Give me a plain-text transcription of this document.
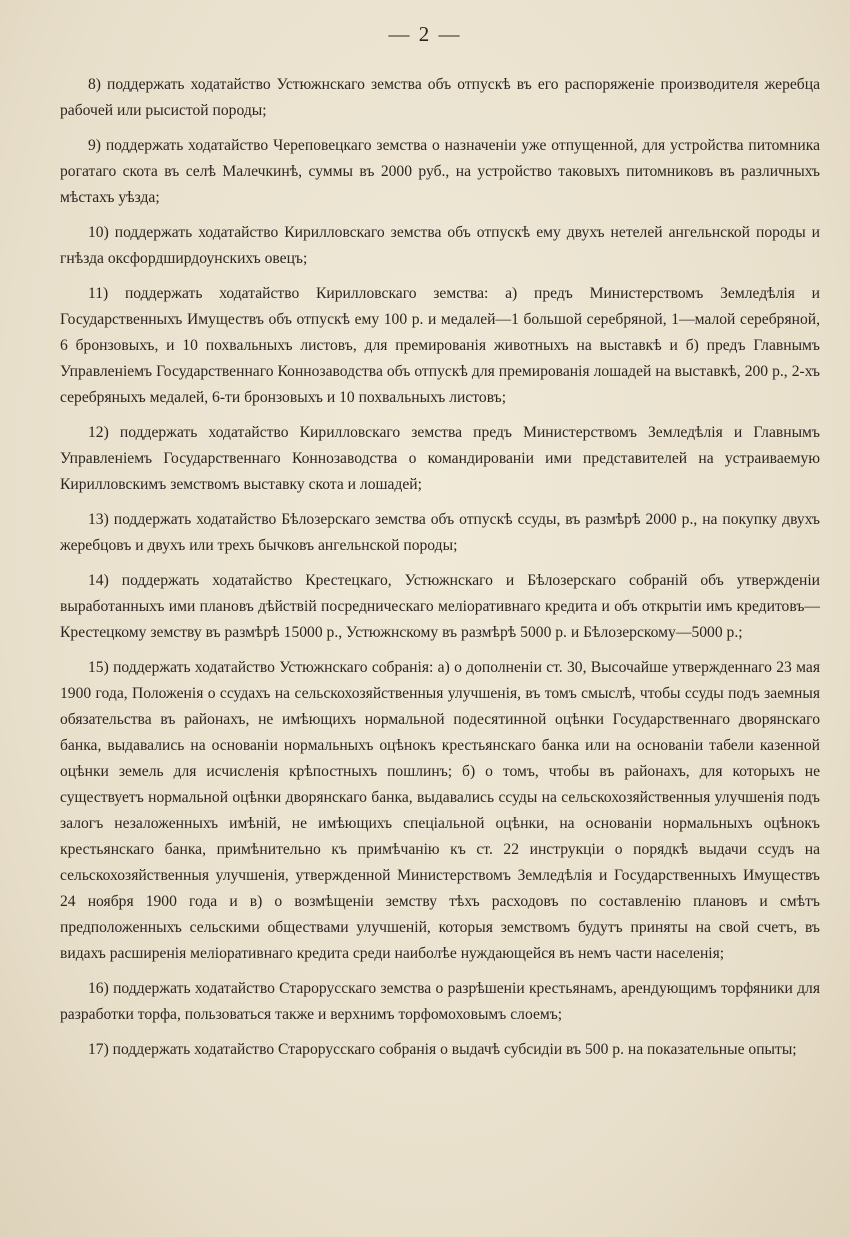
— 2 —

8) поддержать ходатайство Устюжнскаго земства объ отпускѣ въ его распоряженіе производителя жеребца рабочей или рысистой породы;

9) поддержать ходатайство Череповецкаго земства о назначеніи уже отпущенной, для устройства питомника рогатаго скота въ селѣ Малечкинѣ, суммы въ 2000 руб., на устройство таковыхъ питомниковъ въ различныхъ мѣстахъ уѣзда;

10) поддержать ходатайство Кирилловскаго земства объ отпускѣ ему двухъ нетелей ангельнской породы и гнѣзда оксфордширдоунскихъ овецъ;

11) поддержать ходатайство Кирилловскаго земства: а) предъ Министерствомъ Земледѣлія и Государственныхъ Имуществъ объ отпускѣ ему 100 р. и медалей—1 большой серебряной, 1—малой серебряной, 6 бронзовыхъ, и 10 похвальныхъ листовъ, для премированія животныхъ на выставкѣ и б) предъ Главнымъ Управленіемъ Государственнаго Коннозаводства объ отпускѣ для премированія лошадей на выставкѣ, 200 р., 2-хъ серебряныхъ медалей, 6-ти бронзовыхъ и 10 похвальныхъ листовъ;

12) поддержать ходатайство Кирилловскаго земства предъ Министерствомъ Земледѣлія и Главнымъ Управленіемъ Государственнаго Коннозаводства о командированіи ими представителей на устраиваемую Кирилловскимъ земствомъ выставку скота и лошадей;

13) поддержать ходатайство Бѣлозерскаго земства объ отпускѣ ссуды, въ размѣрѣ 2000 р., на покупку двухъ жеребцовъ и двухъ или трехъ бычковъ ангельнской породы;

14) поддержать ходатайство Крестецкаго, Устюжнскаго и Бѣлозерскаго собраній объ утвержденіи выработанныхъ ими плановъ дѣйствій посредническаго меліоративнаго кредита и объ открытіи имъ кредитовъ—Крестецкому земству въ размѣрѣ 15000 р., Устюжнскому въ размѣрѣ 5000 р. и Бѣлозерскому—5000 р.;

15) поддержать ходатайство Устюжнскаго собранія: а) о дополненіи ст. 30, Высочайше утвержденнаго 23 мая 1900 года, Положенія о ссудахъ на сельскохозяйственныя улучшенія, въ томъ смыслѣ, чтобы ссуды подъ заемныя обязательства въ районахъ, не имѣющихъ нормальной подесятинной оцѣнки Государственнаго дворянскаго банка, выдавались на основаніи нормальныхъ оцѣнокъ крестьянскаго банка или на основаніи табели казенной оцѣнки земель для исчисленія крѣпостныхъ пошлинъ; б) о томъ, чтобы въ районахъ, для которыхъ не существуетъ нормальной оцѣнки дворянскаго банка, выдавались ссуды на сельскохозяйственныя улучшенія подъ залогъ незаложенныхъ имѣній, не имѣющихъ спеціальной оцѣнки, на основаніи нормальныхъ оцѣнокъ крестьянскаго банка, примѣнительно къ примѣчанію къ ст. 22 инструкціи о порядкѣ выдачи ссудъ на сельскохозяйственныя улучшенія, утвержденной Министерствомъ Земледѣлія и Государственныхъ Имуществъ 24 ноября 1900 года и в) о возмѣщеніи земству тѣхъ расходовъ по составленію плановъ и смѣтъ предположенныхъ сельскими обществами улучшеній, которыя земствомъ будутъ приняты на свой счетъ, въ видахъ расширенія меліоративнаго кредита среди наиболѣе нуждающейся въ немъ части населенія;

16) поддержать ходатайство Старорусскаго земства о разрѣшеніи крестьянамъ, арендующимъ торфяники для разработки торфа, пользоваться также и верхнимъ торфомоховымъ слоемъ;

17) поддержать ходатайство Старорусскаго собранія о выдачѣ субсидіи въ 500 р. на показательные опыты;
